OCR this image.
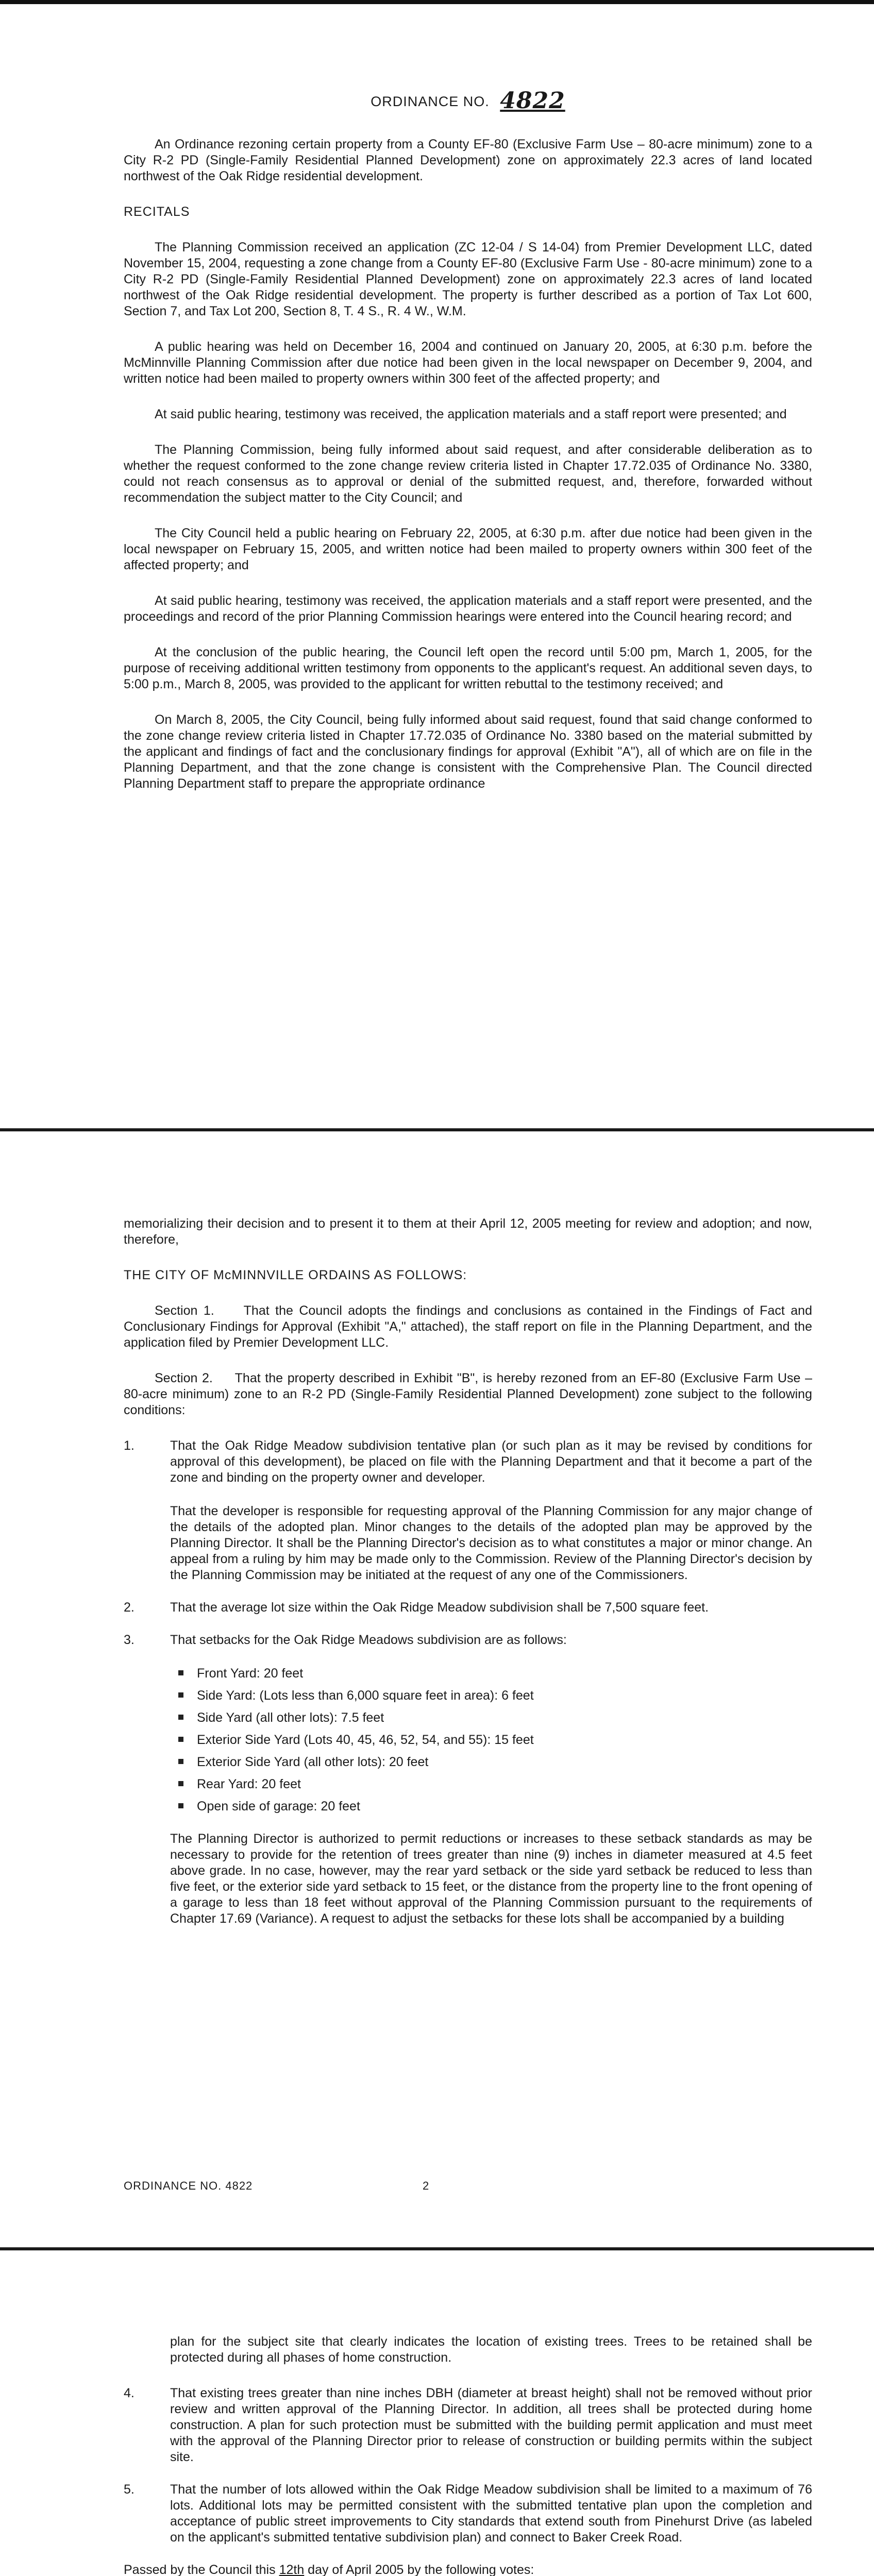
ORDINANCE NO. 4822

An Ordinance rezoning certain property from a County EF-80 (Exclusive Farm Use – 80-acre minimum) zone to a City R-2 PD (Single-Family Residential Planned Development) zone on approximately 22.3 acres of land located northwest of the Oak Ridge residential development.

RECITALS

The Planning Commission received an application (ZC 12-04 / S 14-04) from Premier Development LLC, dated November 15, 2004, requesting a zone change from a County EF-80 (Exclusive Farm Use - 80-acre minimum) zone to a City R-2 PD (Single-Family Residential Planned Development) zone on approximately 22.3 acres of land located northwest of the Oak Ridge residential development. The property is further described as a portion of Tax Lot 600, Section 7, and Tax Lot 200, Section 8, T. 4 S., R. 4 W., W.M.

A public hearing was held on December 16, 2004 and continued on January 20, 2005, at 6:30 p.m. before the McMinnville Planning Commission after due notice had been given in the local newspaper on December 9, 2004, and written notice had been mailed to property owners within 300 feet of the affected property; and

At said public hearing, testimony was received, the application materials and a staff report were presented; and

The Planning Commission, being fully informed about said request, and after considerable deliberation as to whether the request conformed to the zone change review criteria listed in Chapter 17.72.035 of Ordinance No. 3380, could not reach consensus as to approval or denial of the submitted request, and, therefore, forwarded without recommendation the subject matter to the City Council; and

The City Council held a public hearing on February 22, 2005, at 6:30 p.m. after due notice had been given in the local newspaper on February 15, 2005, and written notice had been mailed to property owners within 300 feet of the affected property; and

At said public hearing, testimony was received, the application materials and a staff report were presented, and the proceedings and record of the prior Planning Commission hearings were entered into the Council hearing record; and

At the conclusion of the public hearing, the Council left open the record until 5:00 pm, March 1, 2005, for the purpose of receiving additional written testimony from opponents to the applicant's request. An additional seven days, to 5:00 p.m., March 8, 2005, was provided to the applicant for written rebuttal to the testimony received; and

On March 8, 2005, the City Council, being fully informed about said request, found that said change conformed to the zone change review criteria listed in Chapter 17.72.035 of Ordinance No. 3380 based on the material submitted by the applicant and findings of fact and the conclusionary findings for approval (Exhibit "A"), all of which are on file in the Planning Department, and that the zone change is consistent with the Comprehensive Plan. The Council directed Planning Department staff to prepare the appropriate ordinance

memorializing their decision and to present it to them at their April 12, 2005 meeting for review and adoption; and now, therefore,

THE CITY OF McMINNVILLE ORDAINS AS FOLLOWS:

Section 1.     That the Council adopts the findings and conclusions as contained in the Findings of Fact and Conclusionary Findings for Approval (Exhibit "A," attached), the staff report on file in the Planning Department, and the application filed by Premier Development LLC.

Section 2.     That the property described in Exhibit "B", is hereby rezoned from an EF-80 (Exclusive Farm Use – 80-acre minimum) zone to an R-2 PD (Single-Family Residential Planned Development) zone subject to the following conditions:

1.	That the Oak Ridge Meadow subdivision tentative plan (or such plan as it may be revised by conditions for approval of this development), be placed on file with the Planning Department and that it become a part of the zone and binding on the property owner and developer.

That the developer is responsible for requesting approval of the Planning Commission for any major change of the details of the adopted plan. Minor changes to the details of the adopted plan may be approved by the Planning Director. It shall be the Planning Director's decision as to what constitutes a major or minor change. An appeal from a ruling by him may be made only to the Commission. Review of the Planning Director's decision by the Planning Commission may be initiated at the request of any one of the Commissioners.

2.	That the average lot size within the Oak Ridge Meadow subdivision shall be 7,500 square feet.

3.	That setbacks for the Oak Ridge Meadows subdivision are as follows:

Front Yard: 20 feet
Side Yard: (Lots less than 6,000 square feet in area): 6 feet
Side Yard (all other lots): 7.5 feet
Exterior Side Yard (Lots 40, 45, 46, 52, 54, and 55): 15 feet
Exterior Side Yard (all other lots): 20 feet
Rear Yard: 20 feet
Open side of garage: 20 feet

The Planning Director is authorized to permit reductions or increases to these setback standards as may be necessary to provide for the retention of trees greater than nine (9) inches in diameter measured at 4.5 feet above grade. In no case, however, may the rear yard setback or the side yard setback be reduced to less than five feet, or the exterior side yard setback to 15 feet, or the distance from the property line to the front opening of a garage to less than 18 feet without approval of the Planning Commission pursuant to the requirements of Chapter 17.69 (Variance). A request to adjust the setbacks for these lots shall be accompanied by a building

ORDINANCE NO. 4822	2

plan for the subject site that clearly indicates the location of existing trees. Trees to be retained shall be protected during all phases of home construction.

4.	That existing trees greater than nine inches DBH (diameter at breast height) shall not be removed without prior review and written approval of the Planning Director. In addition, all trees shall be protected during home construction. A plan for such protection must be submitted with the building permit application and must meet with the approval of the Planning Director prior to release of construction or building permits within the subject site.

5.	That the number of lots allowed within the Oak Ridge Meadow subdivision shall be limited to a maximum of 76 lots. Additional lots may be permitted consistent with the submitted tentative plan upon the completion and acceptance of public street improvements to City standards that extend south from Pinehurst Drive (as labeled on the applicant's submitted tentative subdivision plan) and connect to Baker Creek Road.

Passed by the Council this 12th day of April 2005 by the following votes:
